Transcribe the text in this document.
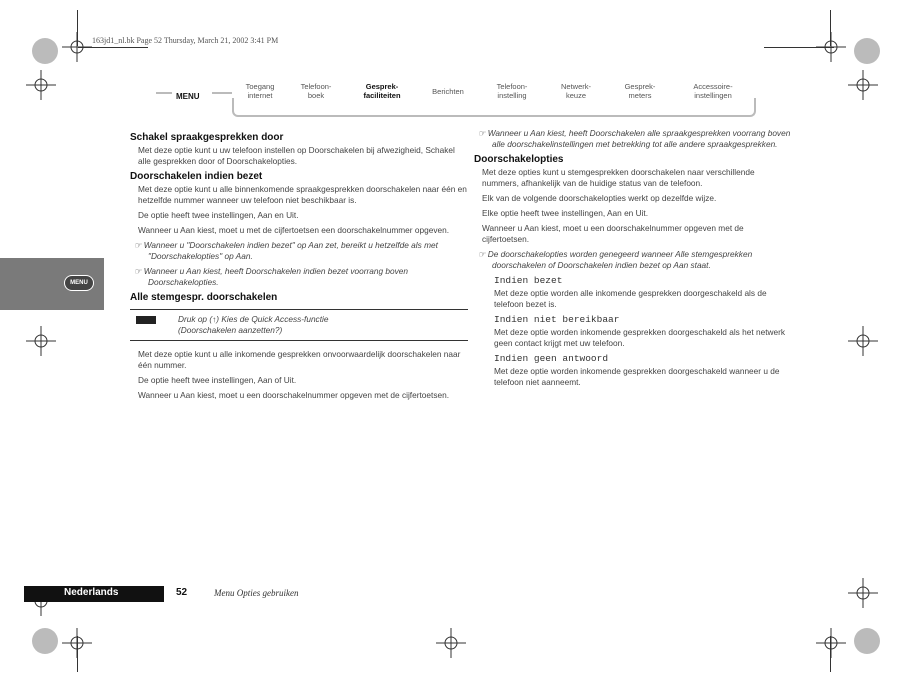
163jd1_nl.bk Page 52 Thursday, March 21, 2002 3:41 PM
MENU
Toegang
internet
Telefoon-
boek
Gesprek-
faciliteiten	Berichten
Telefoon-
instelling
Netwerk-
keuze
Gesprek-
meters
Accessoire-
instellingen
MENU
Schakel spraakgesprekken door

Met deze optie kunt u uw telefoon instellen op Doorschakelen bij afwezigheid, Schakel alle gesprekken door of Doorschakelopties.

Doorschakelen indien bezet

Met deze optie kunt u alle binnenkomende spraakgesprekken doorschakelen naar één en hetzelfde nummer wanneer uw telefoon niet beschikbaar is.

De optie heeft twee instellingen, Aan en Uit.

Wanneer u Aan kiest, moet u met de cijfertoetsen een doorschakelnummer opgeven.

☞ Wanneer u "Doorschakelen indien bezet" op Aan zet, bereikt u hetzelfde als met "Doorschakelopties" op Aan.

☞ Wanneer u Aan kiest, heeft Doorschakelen indien bezet voorrang boven Doorschakelopties.

Alle stemgespr. doorschakelen
Druk op (↑) Kies de Quick Access-functie
(Doorschakelen aanzetten?)

Met deze optie kunt u alle inkomende gesprekken onvoorwaardelijk doorschakelen naar één nummer.

De optie heeft twee instellingen, Aan of Uit.

Wanneer u Aan kiest, moet u een doorschakelnummer opgeven met de cijfertoetsen.

☞ Wanneer u Aan kiest, heeft Doorschakelen alle spraakgesprekken voorrang boven alle doorschakelinstellingen met betrekking tot alle andere spraakgesprekken.

Doorschakelopties

Met deze opties kunt u stemgesprekken doorschakelen naar verschillende nummers, afhankelijk van de huidige status van de telefoon.

Elk van de volgende doorschakelopties werkt op dezelfde wijze.

Elke optie heeft twee instellingen, Aan en Uit.

Wanneer u Aan kiest, moet u een doorschakelnummer opgeven met de cijfertoetsen.

☞ De doorschakelopties worden genegeerd wanneer Alle stemgesprekken doorschakelen of Doorschakelen indien bezet op Aan staat.

Indien bezet

Met deze optie worden alle inkomende gesprekken doorgeschakeld als de telefoon bezet is.

Indien niet bereikbaar

Met deze optie worden inkomende gesprekken doorgeschakeld als het netwerk geen contact krijgt met uw telefoon.

Indien geen antwoord

Met deze optie worden inkomende gesprekken doorgeschakeld wanneer u de telefoon niet aanneemt.

Nederlands	52	Menu Opties gebruiken
